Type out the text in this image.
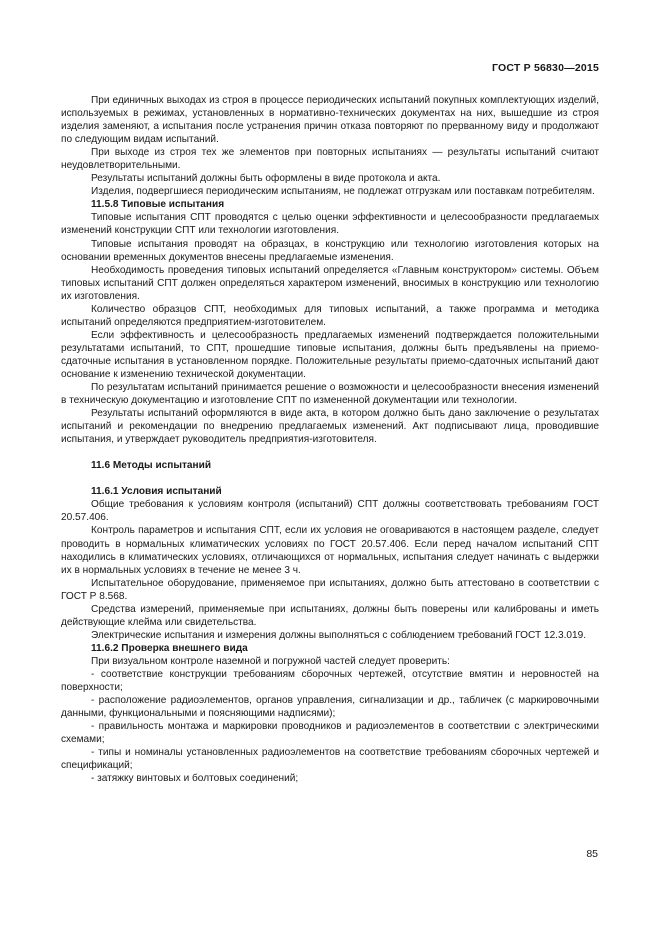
ГОСТ Р 56830—2015

При единичных выходах из строя в процессе периодических испытаний покупных комплектующих изделий, используемых в режимах, установленных в нормативно-технических документах на них, вышедшие из строя изделия заменяют, а испытания после устранения причин отказа повторяют по прерванному виду и продолжают по следующим видам испытаний.

При выходе из строя тех же элементов при повторных испытаниях — результаты испытаний считают неудовлетворительными.

Результаты испытаний должны быть оформлены в виде протокола и акта.

Изделия, подвергшиеся периодическим испытаниям, не подлежат отгрузкам или поставкам потребителям.

11.5.8 Типовые испытания

Типовые испытания СПТ проводятся с целью оценки эффективности и целесообразности предлагаемых изменений конструкции СПТ или технологии изготовления.

Типовые испытания проводят на образцах, в конструкцию или технологию изготовления которых на основании временных документов внесены предлагаемые изменения.

Необходимость проведения типовых испытаний определяется «Главным конструктором» системы. Объем типовых испытаний СПТ должен определяться характером изменений, вносимых в конструкцию или технологию их изготовления.

Количество образцов СПТ, необходимых для типовых испытаний, а также программа и методика испытаний определяются предприятием-изготовителем.

Если эффективность и целесообразность предлагаемых изменений подтверждается положительными результатами испытаний, то СПТ, прошедшие типовые испытания, должны быть предъявлены на приемо-сдаточные испытания в установленном порядке. Положительные результаты приемо-сдаточных испытаний дают основание к изменению технической документации.

По результатам испытаний принимается решение о возможности и целесообразности внесения изменений в техническую документацию и изготовление СПТ по измененной документации или технологии.

Результаты испытаний оформляются в виде акта, в котором должно быть дано заключение о результатах испытаний и рекомендации по внедрению предлагаемых изменений. Акт подписывают лица, проводившие испытания, и утверждает руководитель предприятия-изготовителя.

11.6 Методы испытаний

11.6.1 Условия испытаний

Общие требования к условиям контроля (испытаний) СПТ должны соответствовать требованиям ГОСТ 20.57.406.

Контроль параметров и испытания СПТ, если их условия не оговариваются в настоящем разделе, следует проводить в нормальных климатических условиях по ГОСТ 20.57.406. Если перед началом испытаний СПТ находились в климатических условиях, отличающихся от нормальных, испытания следует начинать с выдержки их в нормальных условиях в течение не менее 3 ч.

Испытательное оборудование, применяемое при испытаниях, должно быть аттестовано в соответствии с ГОСТ Р 8.568.

Средства измерений, применяемые при испытаниях, должны быть поверены или калиброваны и иметь действующие клейма или свидетельства.

Электрические испытания и измерения должны выполняться с соблюдением требований ГОСТ 12.3.019.

11.6.2 Проверка внешнего вида

При визуальном контроле наземной и погружной частей следует проверить:

- соответствие конструкции требованиям сборочных чертежей, отсутствие вмятин и неровностей на поверхности;

- расположение радиоэлементов, органов управления, сигнализации и др., табличек (с маркировочными данными, функциональными и поясняющими надписями);

- правильность монтажа и маркировки проводников и радиоэлементов в соответствии с электрическими схемами;

- типы и номиналы установленных радиоэлементов на соответствие требованиям сборочных чертежей и спецификаций;

- затяжку винтовых и болтовых соединений;

85
